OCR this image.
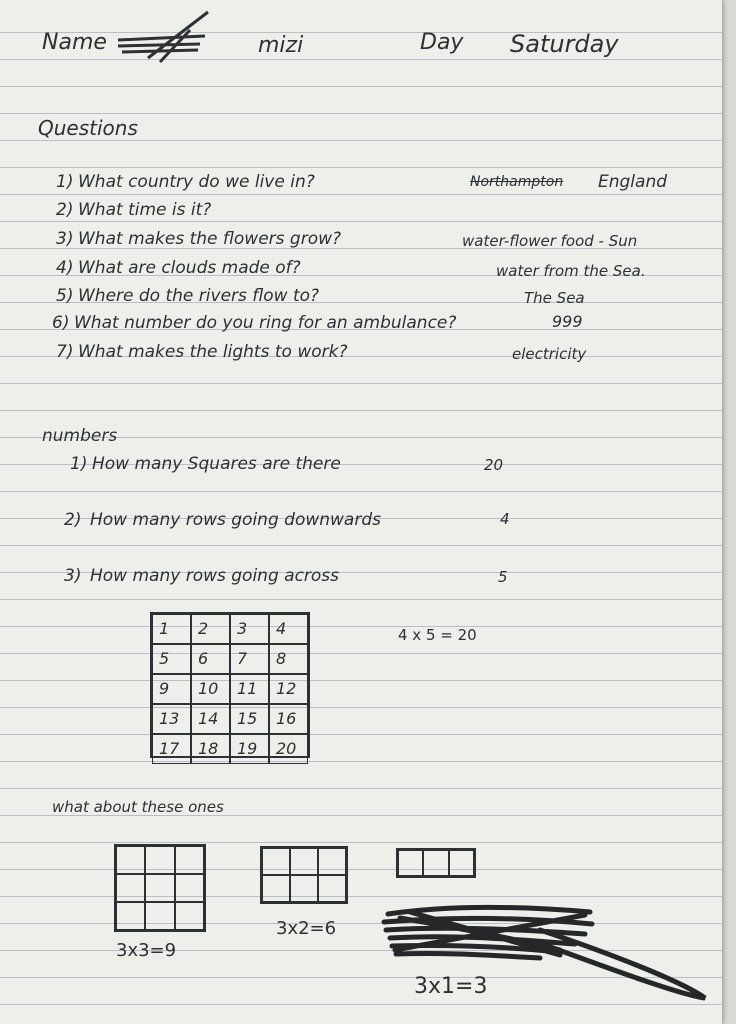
Name	mizi	Day Saturday
Questions
1) What country do we live in?	Northampton England
2) What time is it?
3) What makes the flowers grow?	water-flower food - Sun
4) What are clouds made of?	water from the Sea.
5) Where do the rivers flow to?	The Sea
6) What number do you ring for an ambulance?	999
7) What makes the lights to work?	electricity
numbers
1) How many Squares are there	20
2) How many rows going downwards	4
3) How many rows going across	5
1	2	3	4
5	6	7	8
9	10	11	12
13	14	15	16
17	18	19	20
4 x 5 = 20
what about these ones
3x3=9
3x2=6
3x1=3
